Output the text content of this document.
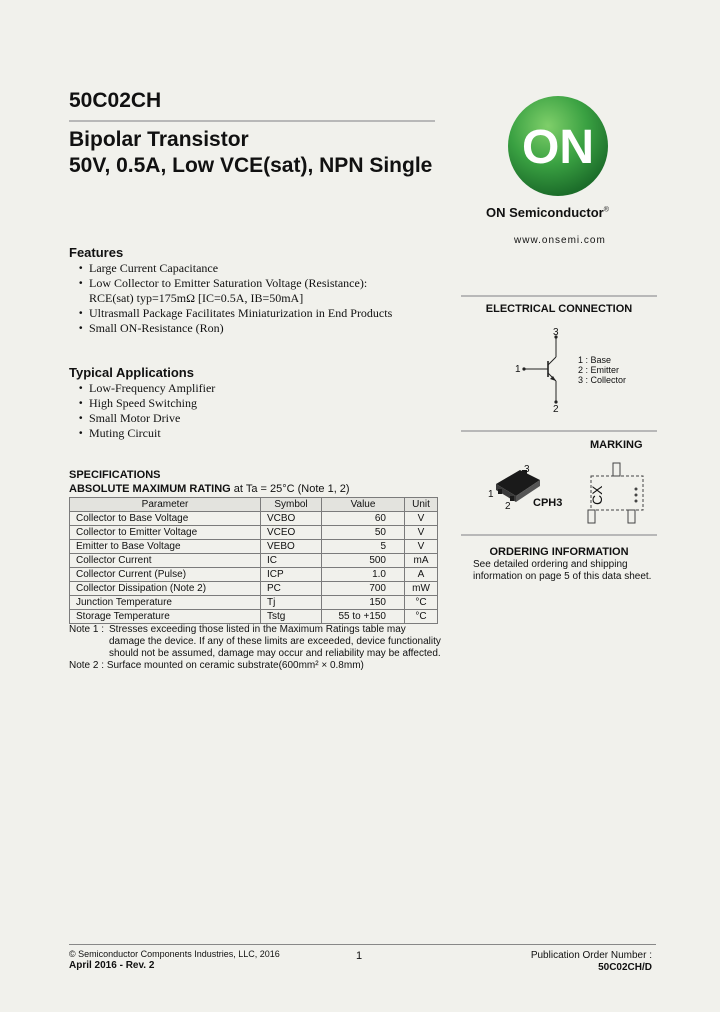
50C02CH
Bipolar Transistor
50V, 0.5A, Low VCE(sat), NPN Single ON
ON Semiconductor®
www.onsemi.com
Features
• Large Current Capacitance
• Low Collector to Emitter Saturation Voltage (Resistance):
RCE(sat) typ=175mΩ [IC=0.5A, IB=50mA]
• Ultrasmall Package Facilitates Miniaturization in End Products
• Small ON-Resistance (Ron)
Typical Applications
• Low-Frequency Amplifier
• High Speed Switching
• Small Motor Drive
• Muting Circuit
SPECIFICATIONS
ABSOLUTE MAXIMUM RATING at Ta = 25°C (Note 1, 2)
Parameter	Symbol	Value	Unit
Collector to Base Voltage	VCBO	60	V
Collector to Emitter Voltage	VCEO	50	V
Emitter to Base Voltage	VEBO	5	V
Collector Current	IC	500	mA
Collector Current (Pulse)	ICP	1.0	A
Collector Dissipation (Note 2)	PC	700	mW
Junction Temperature	Tj	150	°C
Storage Temperature	Tstg	55 to +150	°C
Note 1 : Stresses exceeding those listed in the Maximum Ratings table may damage the device. If any of these limits are exceeded, device functionality should not be assumed, damage may occur and reliability may be affected.
Note 2 : Surface mounted on ceramic substrate(600mm² × 0.8mm)
ELECTRICAL CONNECTION
3
1
2
1 : Base
2 : Emitter
3 : Collector
MARKING
3
1
2 CPH3 CX
ORDERING INFORMATION
See detailed ordering and shipping
information on page 5 of this data sheet.
© Semiconductor Components Industries, LLC, 2016
April 2016 - Rev. 2
1	Publication Order Number :
50C02CH/D
